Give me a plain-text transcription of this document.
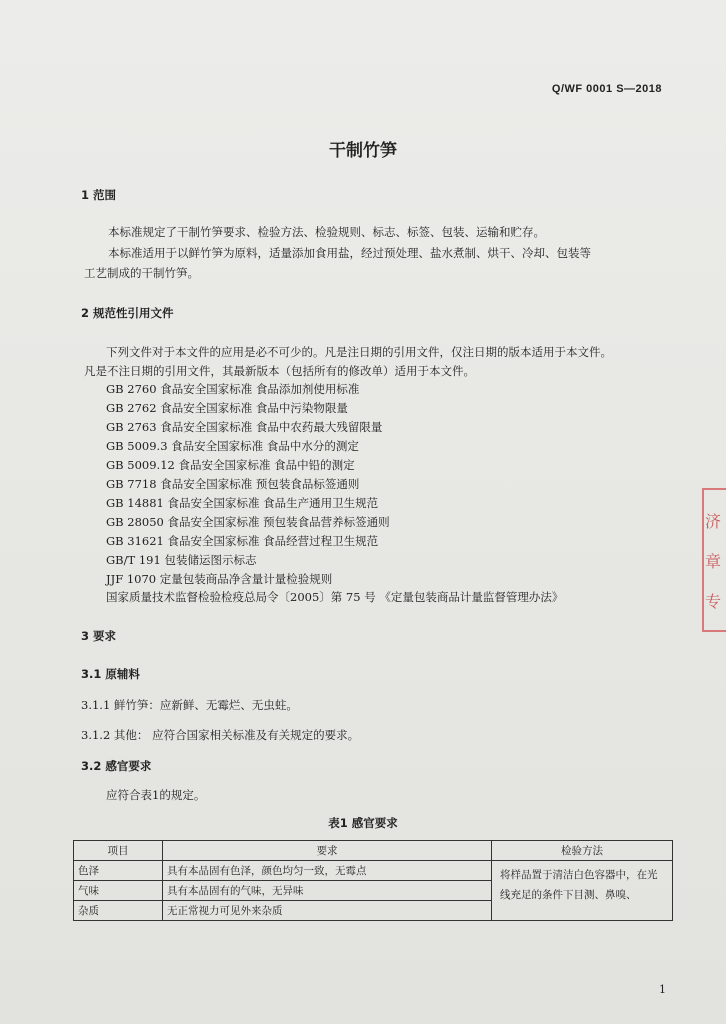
Q/WF 0001 S—2018
干制竹笋
1 范围
本标准规定了干制竹笋要求、检验方法、检验规则、标志、标签、包装、运输和贮存。
本标准适用于以鲜竹笋为原料，适量添加食用盐，经过预处理、盐水煮制、烘干、冷却、包装等
工艺制成的干制竹笋。
2 规范性引用文件
下列文件对于本文件的应用是必不可少的。凡是注日期的引用文件，仅注日期的版本适用于本文件。
凡是不注日期的引用文件，其最新版本（包括所有的修改单）适用于本文件。
GB 2760 食品安全国家标准 食品添加剂使用标准
GB 2762 食品安全国家标准 食品中污染物限量
GB 2763 食品安全国家标准 食品中农药最大残留限量
GB 5009.3 食品安全国家标准 食品中水分的测定
GB 5009.12 食品安全国家标准 食品中铅的测定
GB 7718 食品安全国家标准 预包装食品标签通则
GB 14881 食品安全国家标准 食品生产通用卫生规范
GB 28050 食品安全国家标准 预包装食品营养标签通则
GB 31621 食品安全国家标准 食品经营过程卫生规范
GB/T 191 包装储运图示标志
JJF 1070 定量包装商品净含量计量检验规则
国家质量技术监督检验检疫总局令〔2005〕第 75 号 《定量包装商品计量监督管理办法》
3 要求
3.1 原辅料
3.1.1 鲜竹笋：应新鲜、无霉烂、无虫蛀。
3.1.2 其他： 应符合国家相关标准及有关规定的要求。
3.2 感官要求
应符合表1的规定。
表1 感官要求
项目	要求	检验方法
色泽	具有本品固有色泽，颜色均匀一致，无霉点	将样品置于清洁白色容器中，在光线充足的条件下目测、鼻嗅、
气味	具有本品固有的气味，无异味	
杂质	无正常视力可见外来杂质	
济 章 专
1
